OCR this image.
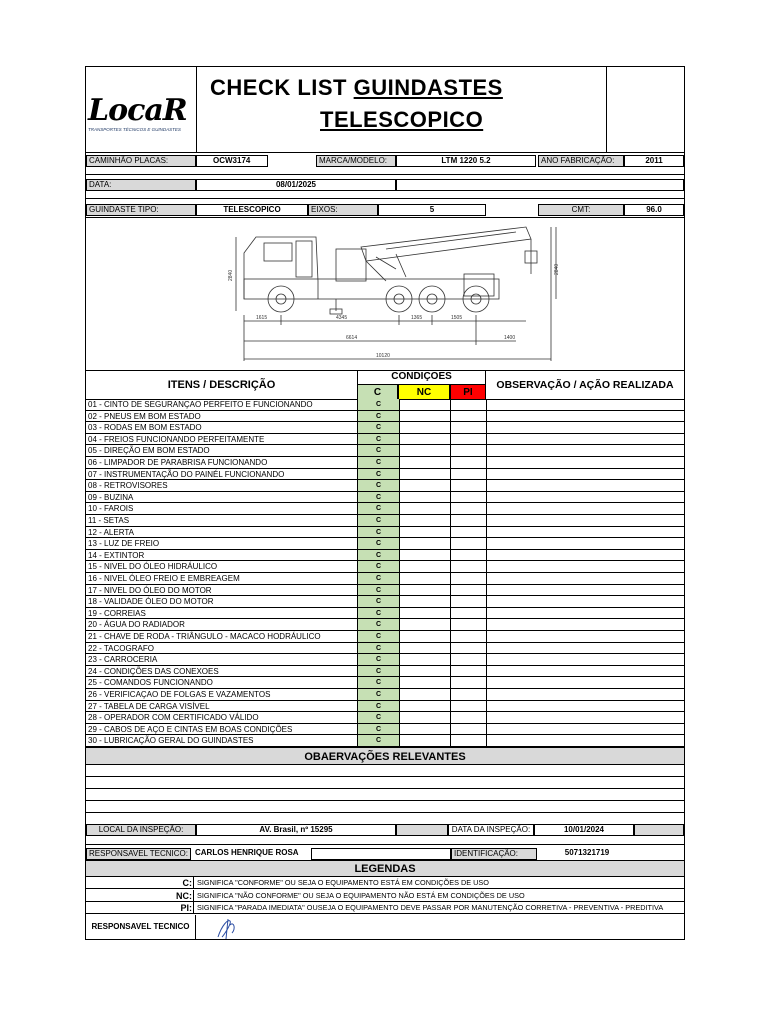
LocaR
TRANSPORTES TÉCNICOS E GUINDASTES
CHECK LIST GUINDASTES
TELESCOPICO
CAMINHÃO PLACAS:	OCW3174	MARCA/MODELO:	LTM 1220 5.2	ANO FABRICAÇÃO:	2011
DATA:	08/01/2025
GUINDASTE TIPO:	TELESCOPICO	EIXOS:	5	CMT:	96.0
1615	4345	1365	1505
6614	1400
10120
2840
2840
ITENS / DESCRIÇÃO
CONDIÇOES
C	NC	PI
OBSERVAÇÃO / AÇÃO REALIZADA
01 - CINTO DE SEGURANÇAO PERFEITO E FUNCIONANDO	C
02 - PNEUS EM BOM ESTADO	C
03 - RODAS EM BOM ESTADO	C
04 - FREIOS FUNCIONANDO PERFEITAMENTE	C
05 - DIREÇÃO EM BOM ESTADO	C
06 - LIMPADOR DE PARABRISA FUNCIONANDO	C
07 - INSTRUMENTAÇÃO DO PAINÉL FUNCIONANDO	C
08 - RETROVISORES	C
09 - BUZINA	C
10 - FAROIS	C
11 - SETAS	C
12 - ALERTA	C
13 - LUZ DE FREIO	C
14 - EXTINTOR	C
15 - NIVEL DO ÓLEO HIDRÁULICO	C
16 - NIVEL ÓLEO FREIO E EMBREAGEM	C
17 - NIVEL DO ÓLEO DO MOTOR	C
18 - VALIDADE ÓLEO DO MOTOR	C
19 - CORREIAS	C
20 - ÁGUA DO RADIADOR	C
21 - CHAVE DE RODA - TRIÂNGULO - MACACO HODRÁULICO	C
22 - TACOGRAFO	C
23 - CARROCERIA	C
24 - CONDIÇÕES DAS CONEXOES	C
25 - COMANDOS FUNCIONANDO	C
26 - VERIFICAÇAO DE FOLGAS E VAZAMENTOS	C
27 - TABELA DE CARGA VISÍVEL	C
28 - OPERADOR COM CERTIFICADO VÁLIDO	C
29 - CABOS DE AÇO E CINTAS EM BOAS CONDIÇÕES	C
30 - LUBRICAÇÃO GERAL DO GUINDASTES	C
OBAERVAÇÕES RELEVANTES
LOCAL DA INSPEÇÃO:	AV. Brasil, nº 15295	DATA DA INSPEÇÃO:	10/01/2024
RESPONSAVEL TECNICO: CARLOS HENRIQUE ROSA	IDENTIFICAÇÃO:	5071321719
LEGENDAS
C: SIGNIFICA "CONFORME" OU SEJA O EQUIPAMENTO ESTÁ EM CONDIÇÕES DE USO
NC: SIGNIFICA "NÃO CONFORME" OU SEJA O EQUIPAMENTO NÃO ESTÁ EM CONDIÇÕES DE USO
PI: SIGNIFICA "PARADA IMEDIATA" OUSEJA O EQUIPAMENTO DEVE PASSAR POR MANUTENÇÃO CORRETIVA - PREVENTIVA - PREDITIVA
RESPONSAVEL TECNICO
